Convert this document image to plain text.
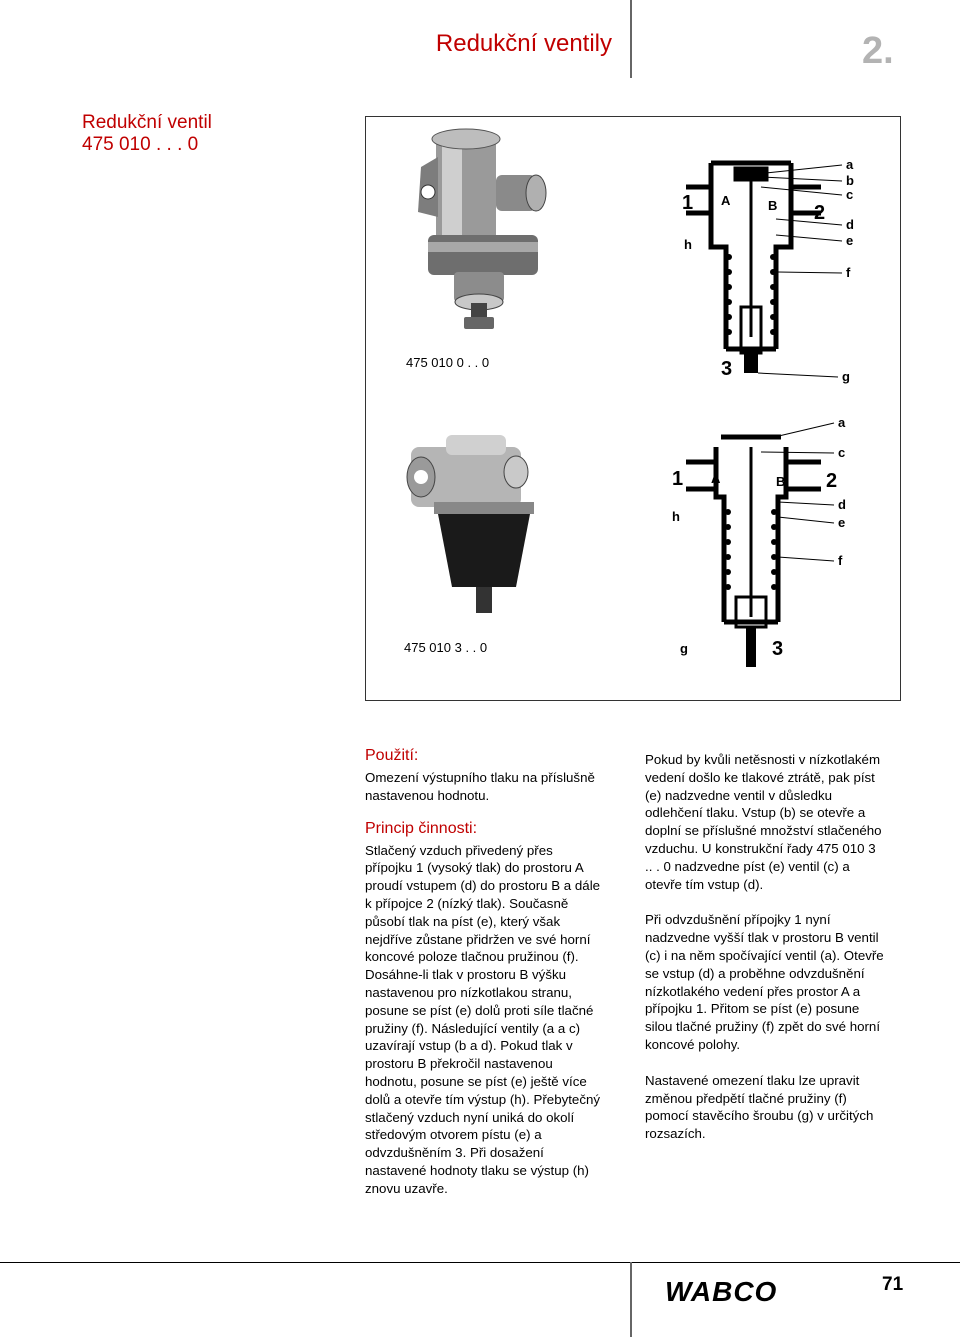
Redukční ventily	2.
Redukční ventil
475 010 . . . 0
475 010 0 . . 0
1
h
A	B 2
3
a
b
c
d
e
f
g
475 010 3 . . 0
1
h
A	B 2
3
a
c
d
e
f
g
Použití:
Omezení výstupního tlaku na příslušně
nastavenou hodnotu.
Princip činnosti:
Stlačený vzduch přivedený přes
přípojku 1 (vysoký tlak) do prostoru A
proudí vstupem (d) do prostoru B a dále
k přípojce 2 (nízký tlak). Současně
působí tlak na píst (e), který však
nejdříve zůstane přidržen ve své horní
koncové poloze tlačnou pružinou (f).
Dosáhne-li tlak v prostoru B výšku
nastavenou pro nízkotlakou stranu,
posune se píst (e) dolů proti síle tlačné
pružiny (f). Následující ventily (a a c)
uzavírají vstup (b a d). Pokud tlak v
prostoru B překročil nastavenou
hodnotu, posune se píst (e) ještě více
dolů a otevře tím výstup (h). Přebytečný
stlačený vzduch nyní uniká do okolí
středovým otvorem pístu (e) a
odvzdušněním 3. Při dosažení
nastavené hodnoty tlaku se výstup (h)
znovu uzavře.
Pokud by kvůli netěsnosti v nízkotlakém
vedení došlo ke tlakové ztrátě, pak píst
(e) nadzvedne ventil v důsledku
odlehčení tlaku. Vstup (b) se otevře a
doplní se příslušné množství stlačeného
vzduchu. U konstrukční řady 475 010 3
.. . 0 nadzvedne píst (e) ventil (c) a
otevře tím vstup (d).
Při odvzdušnění přípojky 1 nyní
nadzvedne vyšší tlak v prostoru B ventil
(c) i na něm spočívající ventil (a). Otevře
se vstup (d) a proběhne odvzdušnění
nízkotlakého vedení přes prostor A a
přípojku 1. Přitom se píst (e) posune
silou tlačné pružiny (f) zpět do své horní
koncové polohy.
Nastavené omezení tlaku lze upravit
změnou předpětí tlačné pružiny (f)
pomocí stavěcího šroubu (g) v určitých
rozsazích.
WABCO	71
